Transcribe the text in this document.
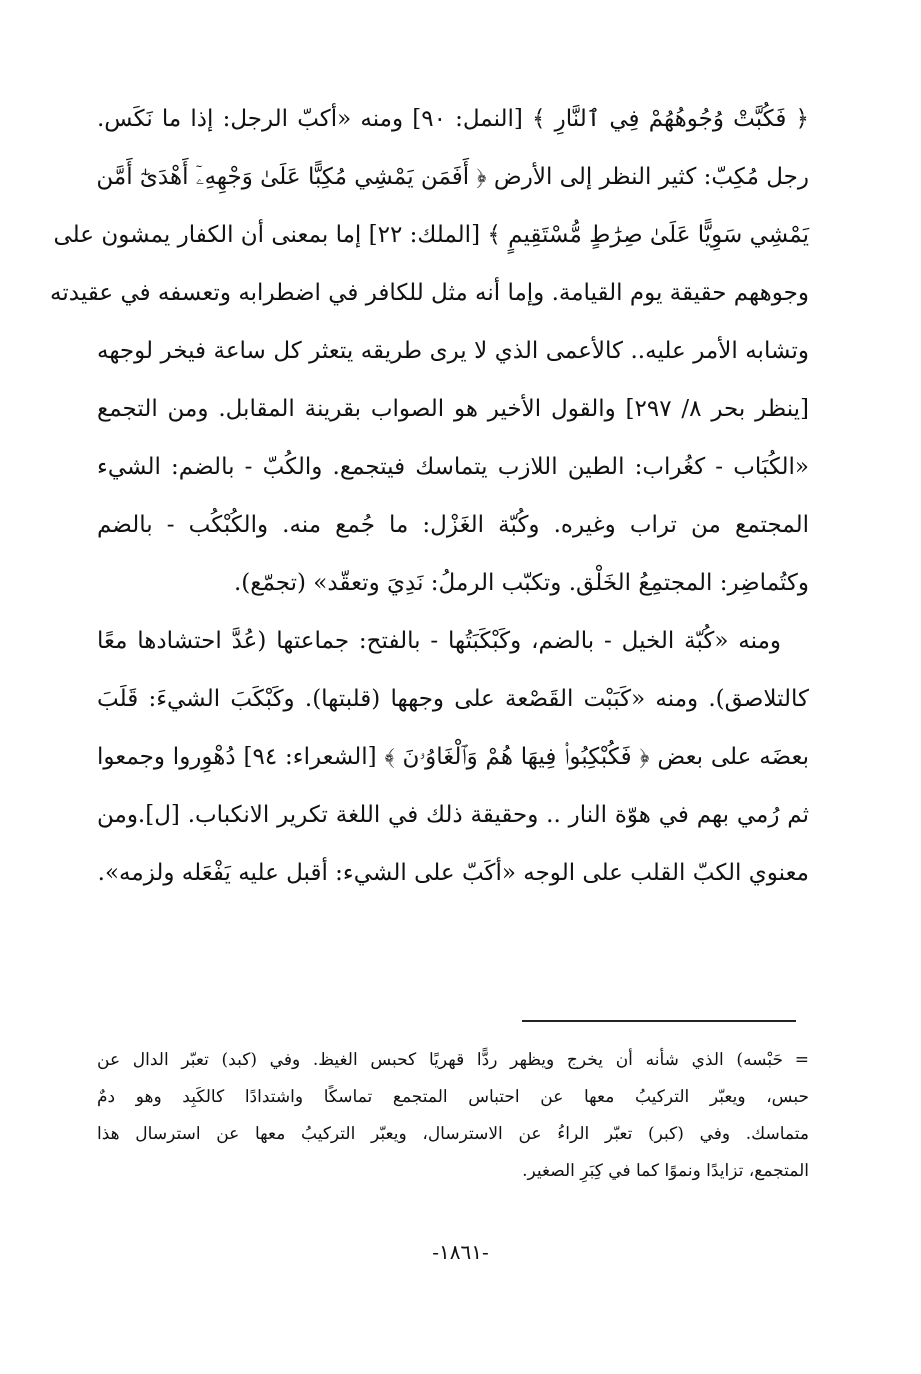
﴿ فَكُبَّتْ وُجُوهُهُمْ فِي ٱلنَّارِ ﴾ [النمل: ٩٠] ومنه «أكبّ الرجل: إذا ما نَكَس.
رجل مُكِبّ: كثير النظر إلى الأرض ﴿ أَفَمَن يَمْشِي مُكِبًّا عَلَىٰ وَجْهِهِۦٓ أَهْدَىٰٓ أَمَّن
يَمْشِي سَوِيًّا عَلَىٰ صِرَٰطٍ مُّسْتَقِيمٍ ﴾ [الملك: ٢٢] إما بمعنى أن الكفار يمشون على
وجوههم حقيقة يوم القيامة. وإما أنه مثل للكافر في اضطرابه وتعسفه في عقيدته
وتشابه الأمر عليه.. كالأعمى الذي لا يرى طريقه يتعثر كل ساعة فيخر لوجهه
[ينظر بحر ٨/ ٢٩٧] والقول الأخير هو الصواب بقرينة المقابل. ومن التجمع
«الكُبَاب - كغُراب: الطين اللازب يتماسك فيتجمع. والكُبّ - بالضم: الشيء
المجتمع من تراب وغيره. وكُبّة الغَزْل: ما جُمع منه. والكُبْكُب - بالضم
وكتُماضِر: المجتمِعُ الخَلْق. وتكبّب الرملُ: نَدِيَ وتعقّد» (تجمّع).
ومنه «كُبّة الخيل - بالضم، وكَبْكَبَتُها - بالفتح: جماعتها (عُدَّ احتشادها معًا
كالتلاصق). ومنه «كَبَبْت القَصْعة على وجهها (قلبتها). وكَبْكَبَ الشيءَ: قَلَبَ
بعضَه على بعض ﴿ فَكُبْكِبُوا۟ فِيهَا هُمْ وَٱلْغَاوُۥنَ ﴾ [الشعراء: ٩٤] دُهْوِروا وجمعوا
ثم رُمي بهم في هوّة النار .. وحقيقة ذلك في اللغة تكرير الانكباب. [ل].ومن
معنوي الكبّ القلب على الوجه «أكَبّ على الشيء: أقبل عليه يَفْعَله ولزمه».
=حَبْسه) الذي شأنه أن يخرج ويظهر ردًّا قهريًا كحبس الغيظ. وفي (كبد) تعبّر الدال عن
حبس، ويعبّر التركيبُ معها عن احتباس المتجمع تماسكًا واشتدادًا كالكَبِد وهو دمٌ
متماسك. وفي (كبر) تعبّر الراءُ عن الاسترسال، ويعبّر التركيبُ معها عن استرسال هذا
المتجمع، تزايدًا ونموًا كما في كِبَرِ الصغير.
-١٨٦١-
